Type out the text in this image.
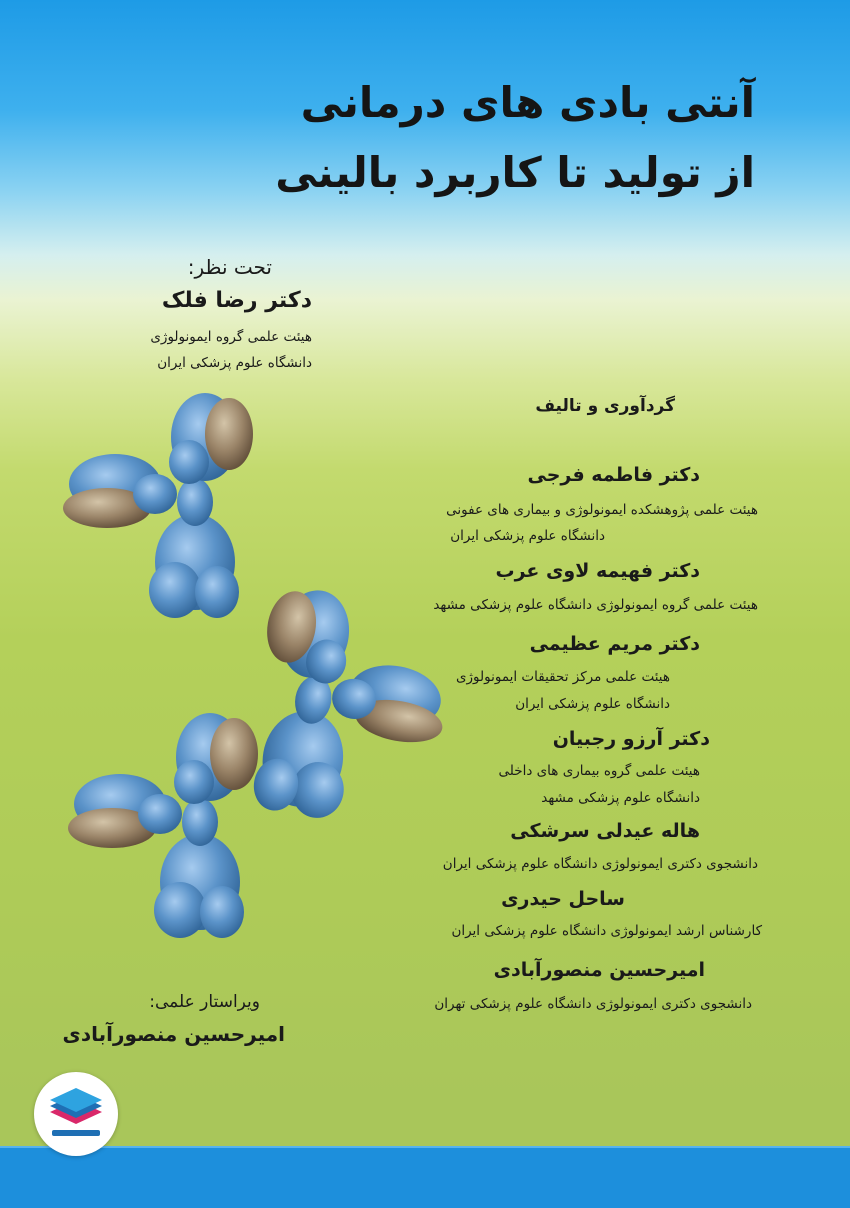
آنتی بادی های درمانی
از تولید تا کاربرد بالینی
تحت نظر:
دکتر رضا فلک
هیئت علمی گروه ایمونولوژی
دانشگاه علوم پزشکی ایران
گردآوری و تالیف
دکتر فاطمه فرجی
هیئت علمی پژوهشکده ایمونولوژی و بیماری های عفونی
دانشگاه علوم پزشکی ایران
دکتر فهیمه لاوی عرب
هیئت علمی گروه ایمونولوژی دانشگاه علوم پزشکی مشهد
دکتر مریم عظیمی
هیئت علمی مرکز تحقیقات ایمونولوژی
دانشگاه علوم پزشکی ایران
دکتر آرزو رجبیان
هیئت علمی گروه بیماری های داخلی
دانشگاه علوم پزشکی مشهد
هاله عیدلی سرشکی
دانشجوی دکتری ایمونولوژی دانشگاه علوم پزشکی ایران
ساحل حیدری
کارشناس ارشد ایمونولوژی دانشگاه علوم پزشکی ایران
امیرحسین منصورآبادی
دانشجوی دکتری ایمونولوژی دانشگاه علوم پزشکی تهران
ویراستار علمی:
امیرحسین منصورآبادی
